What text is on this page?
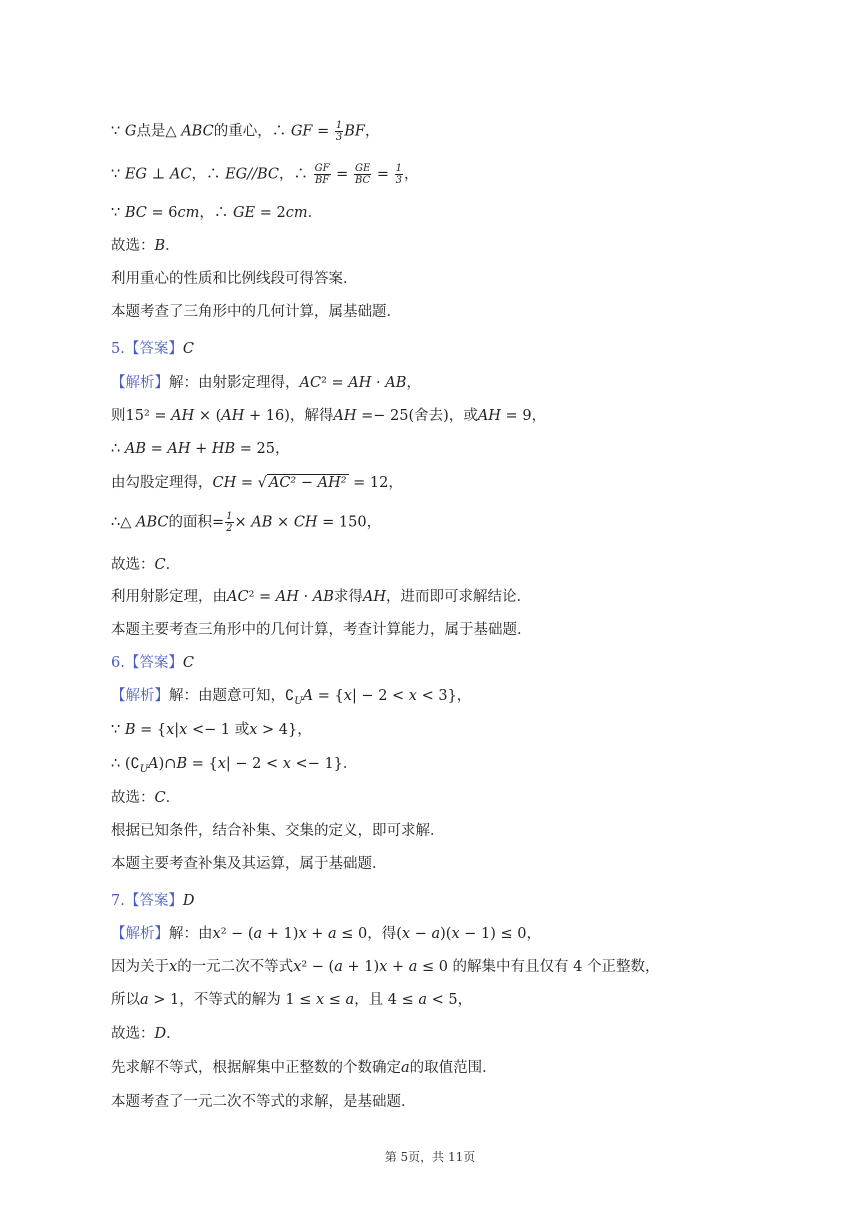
∵ G点是△ ABC的重心，∴ GF = $\frac{1}{3}$ BF，
∵ EG ⊥ AC，∴ EG//BC，∴ $\frac{GF}{BF} = \frac{GE}{BC} = \frac{1}{3}$ ，
∵ BC = 6cm，∴ GE = 2cm．
故选：B．
利用重心的性质和比例线段可得答案．
本题考查了三角形中的几何计算，属基础题．
5.【答案】C
【解析】解：由射影定理得，AC² = AH · AB，
则15² = AH × (AH + 16)，解得AH =− 25(舍去)，或AH = 9，
∴ AB = AH + HB = 25，
由勾股定理得，CH = √ AC² − AH² = 12，
∴△ ABC的面积= $\frac{1}{2}$ × AB × CH = 150，
故选：C．
利用射影定理，由AC² = AH · AB求得AH，进而即可求解结论．
本题主要考查三角形中的几何计算，考查计算能力，属于基础题．
6.【答案】C
【解析】解：由题意可知，$∁_UA = \{x| - 2 < x < 3\}$，
∵ B = {x|x <− 1 或x > 4}，
∴ $(∁_UA)\cap B = \{x| - 2 < x <- 1\}$．
故选：C．
根据已知条件，结合补集、交集的定义，即可求解．
本题主要考查补集及其运算，属于基础题．
7.【答案】D
【解析】解：由x² − (a + 1)x + a ≤ 0，得(x − a)(x − 1) ≤ 0，
因为关于x的一元二次不等式x² − (a + 1)x + a ≤ 0 的解集中有且仅有 4 个正整数，
所以a > 1，不等式的解为 1 ≤ x ≤ a，且 4 ≤ a < 5，
故选：D．
先求解不等式，根据解集中正整数的个数确定a的取值范围．
本题考查了一元二次不等式的求解，是基础题．
第 5页，共 11页
